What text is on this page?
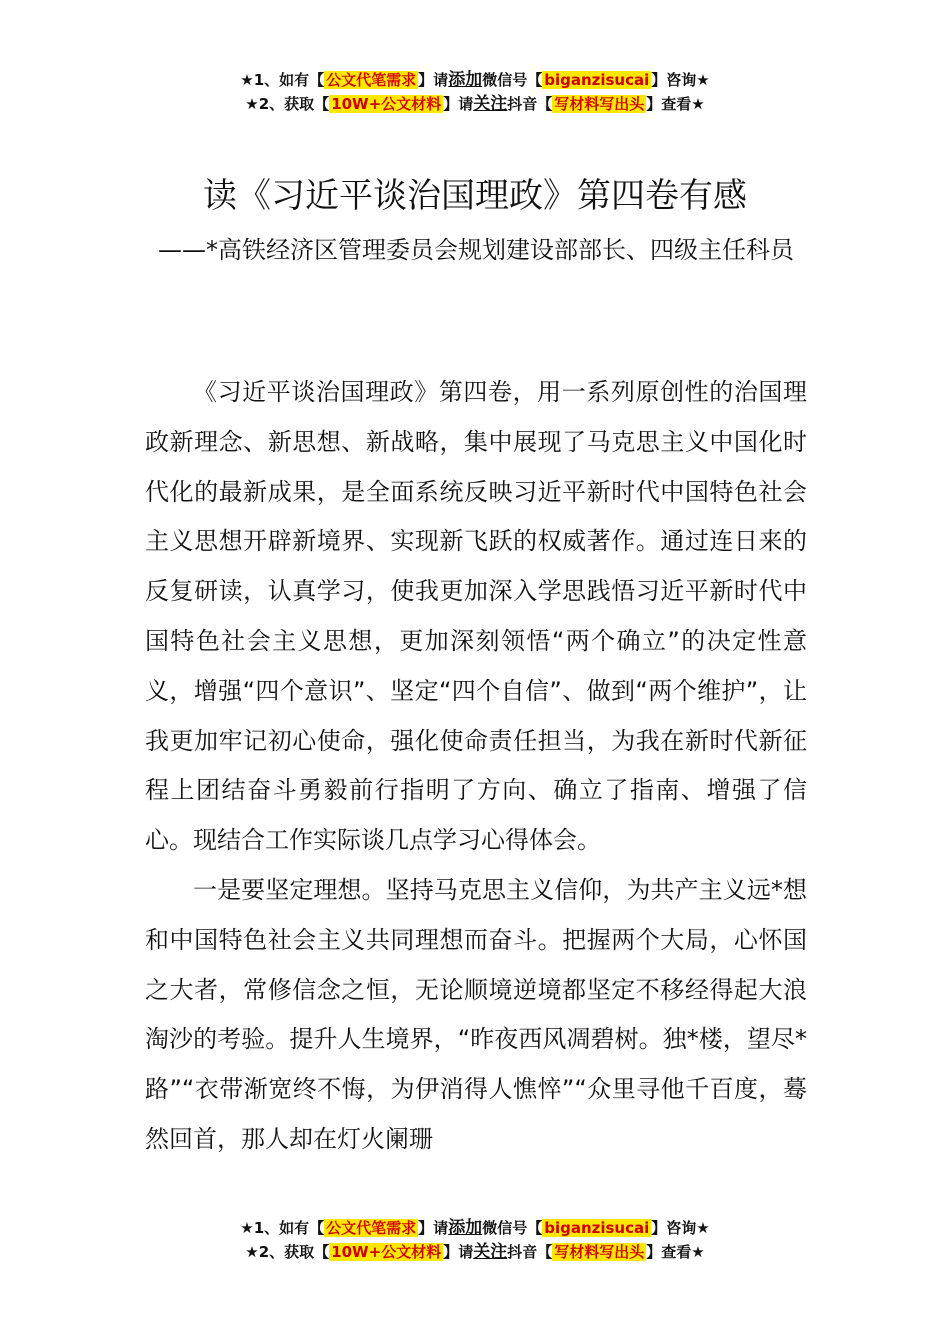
★1、如有【 公文代笔需求 】请添加微信号【 biganzisucai 】咨询★
★2、获取【 10W+公文材料 】请关注抖音【 写材料写出头 】查看★
读《习近平谈治国理政》第四卷有感
——*高铁经济区管理委员会规划建设部部长、四级主任科员

《习近平谈治国理政》第四卷，用一系列原创性的治国理政新理念、新思想、新战略，集中展现了马克思主义中国化时代化的最新成果，是全面系统反映习近平新时代中国特色社会主义思想开辟新境界、实现新飞跃的权威著作。通过连日来的反复研读，认真学习，使我更加深入学思践悟习近平新时代中国特色社会主义思想，更加深刻领悟“两个确立”的决定性意义，增强“四个意识”、坚定“四个自信”、做到“两个维护”，让我更加牢记初心使命，强化使命责任担当，为我在新时代新征程上团结奋斗勇毅前行指明了方向、确立了指南、增强了信心。现结合工作实际谈几点学习心得体会。

一是要坚定理想。坚持马克思主义信仰，为共产主义远*想和中国特色社会主义共同理想而奋斗。把握两个大局，心怀国之大者，常修信念之恒，无论顺境逆境都坚定不移经得起大浪淘沙的考验。提升人生境界，“昨夜西风凋碧树。独*楼，望尽*路”“衣带渐宽终不悔，为伊消得人憔悴”“众里寻他千百度，蓦然回首，那人却在灯火阑珊

★1、如有【 公文代笔需求 】请添加微信号【 biganzisucai 】咨询★
★2、获取【 10W+公文材料 】请关注抖音【 写材料写出头 】查看★
